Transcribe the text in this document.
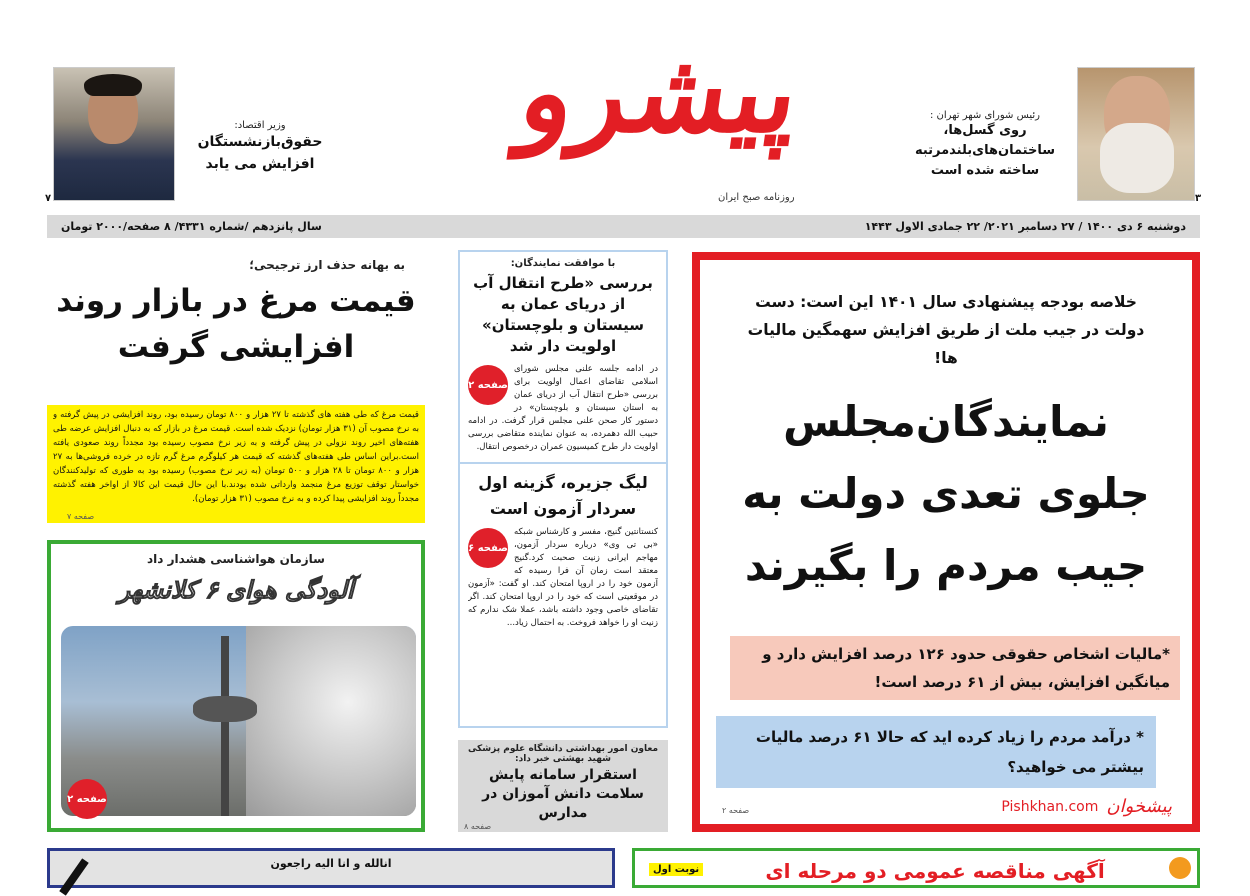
وزیر اقتصاد:
حقوق‌بازنشستگان افزایش می یابد
۷
پیشرو
روزنامه صبح ایران
رئیس شورای شهر تهران :
روی گسل‌ها، ساختمان‌های‌بلندمرتبه ساخته شده است
۳
دوشنبه ۶ دی ۱۴۰۰ / ۲۷ دسامبر ۲۰۲۱/ ۲۲ جمادی الاول ۱۴۴۳
سال پانزدهم /شماره ۴۳۳۱/ ۸ صفحه/۲۰۰۰ تومان
به بهانه حذف ارز ترجیحی؛
قیمت مرغ در بازار روند افزایشی گرفت
قیمت مرغ که طی هفته های گذشته تا ۲۷ هزار و ۸۰۰ تومان رسیده بود، روند افزایشی در پیش گرفته و به نرخ مصوب آن (۳۱ هزار تومان) نزدیک شده است. قیمت مرغ در بازار که به دنبال افزایش عرضه طی هفته‌های اخیر روند نزولی در پیش گرفته و به زیر نرخ مصوب رسیده بود مجدداً روند صعودی یافته است.براین اساس طی هفته‌های گذشته که قیمت هر کیلوگرم مرغ گرم تازه در خرده فروشی‌ها به ۲۷ هزار و ۸۰۰ تومان تا ۲۸ هزار و ۵۰۰ تومان (به زیر نرخ مصوب) رسیده بود به طوری که تولیدکنندگان خواستار توقف توزیع مرغ منجمد وارداتی شده بودند.با این حال قیمت این کالا از اواخر هفته گذشته مجدداً روند افزایشی پیدا کرده و به نرخ مصوب (۳۱ هزار تومان).
صفحه ۷
سازمان هواشناسی هشدار داد
آلودگی هوای ۶ کلانشهر
صفحه ۲
با موافقت نمایندگان:
بررسی «طرح انتقال آب از دریای عمان به سیستان و بلوچستان» اولویت دار شد
صفحه ۲
در ادامه جلسه علنی مجلس شورای اسلامی تقاضای اعمال اولویت برای بررسی «طرح انتقال آب از دریای عمان به استان سیستان و بلوچستان» در دستور کار صحن علنی مجلس قرار گرفت. در ادامه حبیب الله دهمرده، به عنوان نماینده متقاضی بررسی اولویت دار طرح کمیسیون عمران درخصوص انتقال.
لیگ جزیره، گزینه اول سردار آزمون است
صفحه ۶
کنستانتین گنیج، مفسر و کارشناس شبکه «بی تی وی» درباره سردار آزمون، مهاجم ایرانی زنیت صحبت کرد.گنیج معتقد است زمان آن فرا رسیده که آزمون خود را در اروپا امتحان کند. او گفت: «آزمون در موقعیتی است که خود را در اروپا امتحان کند. اگر تقاضای خاصی وجود داشته باشد، عملا شک ندارم که زنیت او را خواهد فروخت. به احتمال زیاد...
معاون امور بهداشتی دانشگاه علوم پزشکی شهید بهشتی خبر داد:
استقرار سامانه پایش سلامت دانش آموزان در مدارس
صفحه ۸
خلاصه بودجه پیشنهادی سال ۱۴۰۱ این است: دست دولت در جیب ملت از طریق افزایش سهمگین مالیات ها!
نمایندگان‌مجلس جلوی تعدی دولت به جیب مردم را بگیرند
*مالیات اشخاص حقوقی حدود ۱۲۶ درصد افزایش دارد و میانگین افزایش، بیش از ۶۱ درصد است!
* درآمد مردم را زیاد کرده اید که حالا ۶۱ درصد مالیات بیشتر می خواهید؟
صفحه ۲	Pishkhan.com پیشخوان
انالله و انا الیه راجعون	نوبت اول	آگهی مناقصه عمومی دو مرحله ای
